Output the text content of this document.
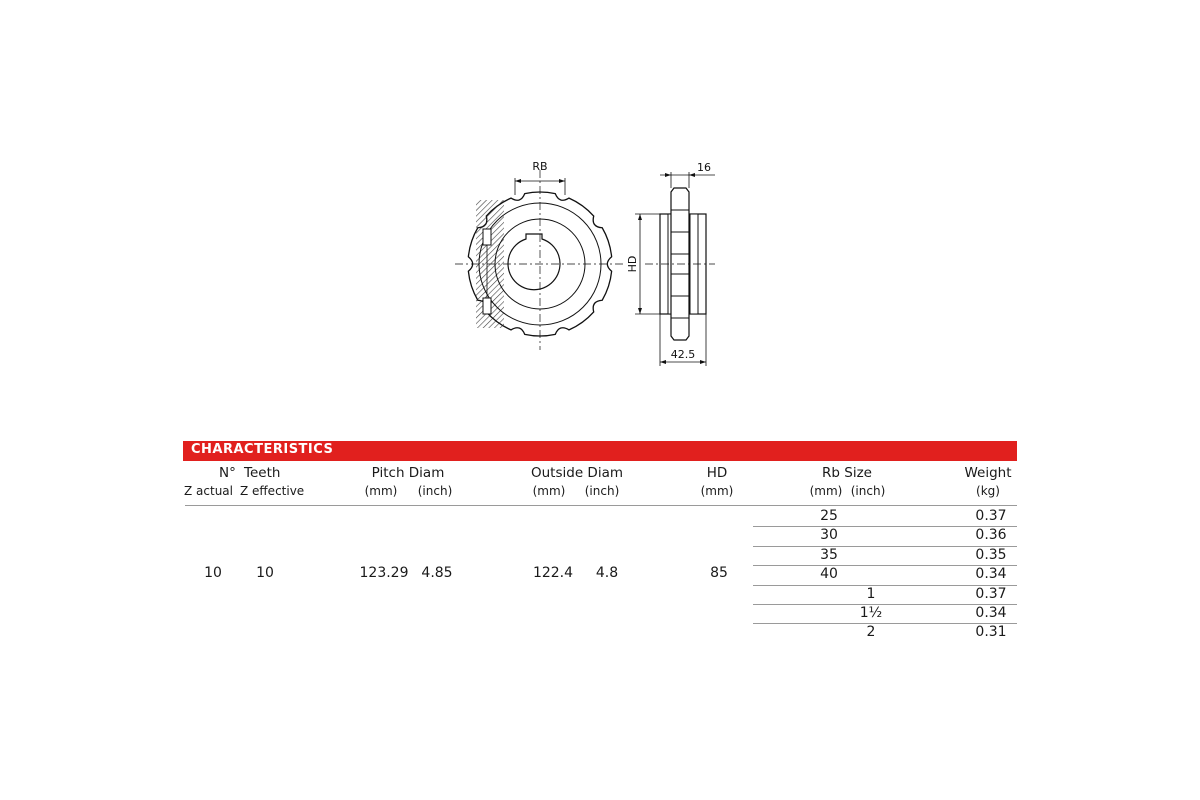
RB
HD
16
42.5
CHARACTERISTICS
N° Teeth
Z actual Z effective
Pitch Diam
(mm) (inch)
Outside Diam
(mm) (inch)
HD
(mm)
Rb Size
(mm) (inch)
Weight
(kg)
10 10	123.29 4.85	122.4 4.8	85
25	0.37
30	0.36
35	0.35
40	0.34
1	0.37
1½	0.34
2	0.31
